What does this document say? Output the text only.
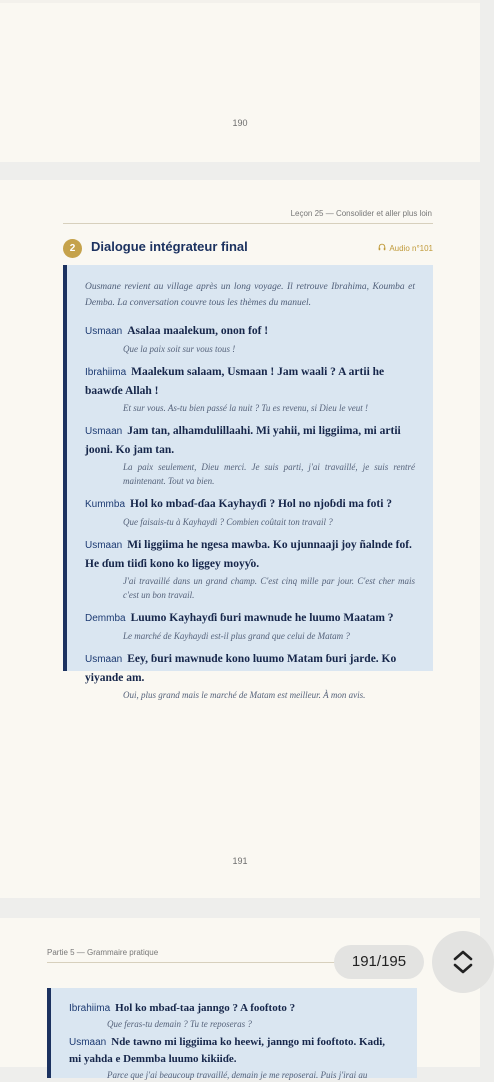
190
Leçon 25 — Consolider et aller plus loin
2	Dialogue intégrateur final	Audio n°101

Ousmane revient au village après un long voyage. Il retrouve Ibrahima, Koumba et Demba. La conversation couvre tous les thèmes du manuel.

Usmaan Asalaa maalekum, onon fof !

Que la paix soit sur vous tous !

Ibrahiima Maalekum salaam, Usmaan ! Jam waali ? A artii he baawɗe Allah !

Et sur vous. As-tu bien passé la nuit ? Tu es revenu, si Dieu le veut !

Usmaan Jam tan, alhamdulillaahi. Mi yahii, mi liggiima, mi artii jooni. Ko jam tan.

La paix seulement, Dieu merci. Je suis parti, j'ai travaillé, je suis rentré maintenant. Tout va bien.

Kummba Hol ko mbaɗ-ɗaa Kayhayɗi ? Hol no njoɓdi ma foti ?

Que faisais-tu à Kayhaydi ? Combien coûtait ton travail ?

Usmaan Mi liggiima he ngesa mawba. Ko ujunnaaji joy ñalnde fof. He ɗum tiiɗi kono ko liggey moyƴo.

J'ai travaillé dans un grand champ. C'est cinq mille par jour. C'est cher mais c'est un bon travail.

Demmba Luumo Kayhayɗi ɓuri mawnude he luumo Maatam ?

Le marché de Kayhaydi est-il plus grand que celui de Matam ?

Usmaan Eey, ɓuri mawnude kono luumo Matam ɓuri jarde. Ko yiyande am.

Oui, plus grand mais le marché de Matam est meilleur. À mon avis.

191
Partie 5 — Grammaire pratique

Ibrahiima Hol ko mbaɗ-taa janngo ? A fooftoto ?

Que feras-tu demain ? Tu te reposeras ?

Usmaan Nde tawno mi liggiima ko heewi, janngo mi fooftoto. Kadi, mi yahda e Demmba luumo kikiiɗe.

Parce que j'ai beaucoup travaillé, demain je me reposerai. Puis j'irai au

191/195
